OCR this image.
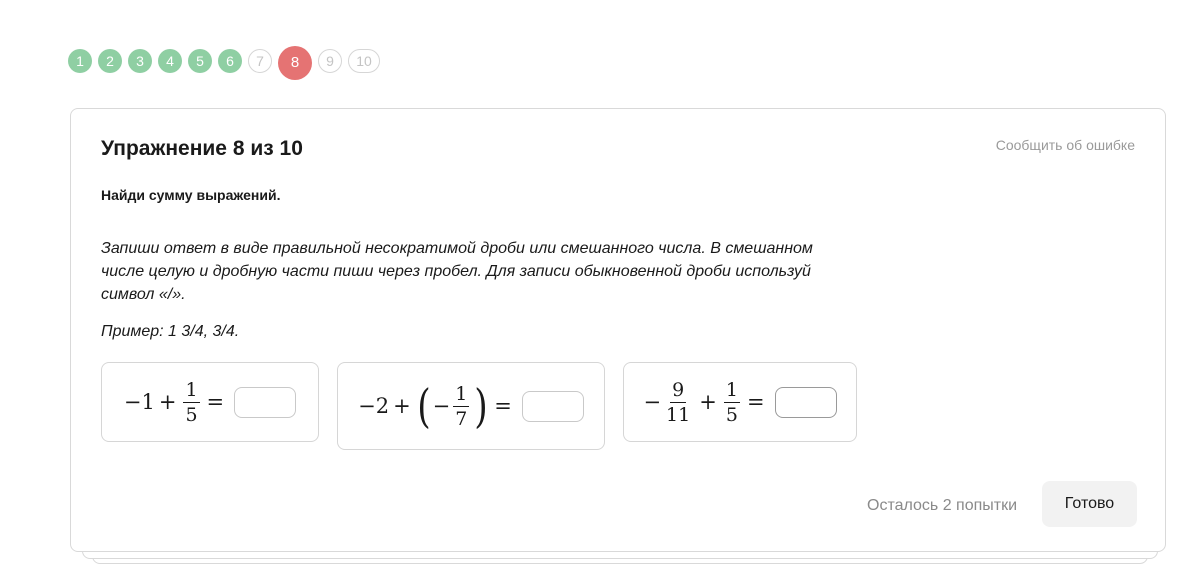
1	2	3	4	5	6	7	8	9	10
Упражнение 8 из 10	Сообщить об ошибке
Найди сумму выражений.
Запиши ответ в виде правильной несократимой дроби или смешанного числа. В смешанном числе целую и дробную части пиши через пробел. Для записи обыкновенной дроби используй символ «/».
Пример: 1 3/4, 3/4.
$-1 + \frac{1}{5}$ =	−2 + ( − $\frac{1}{7}$ ) =	− $\frac{9}{11} + \frac{1}{5}$ =
Осталось 2 попытки	Готово
